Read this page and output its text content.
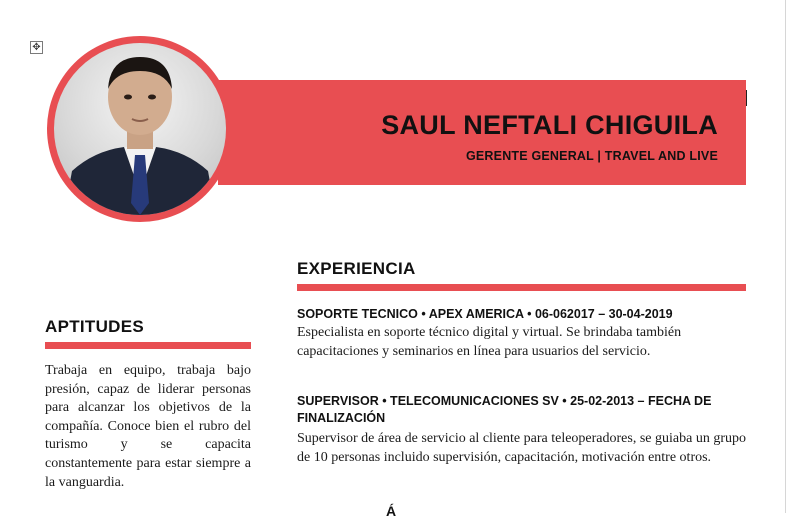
✥
SAUL NEFTALI CHIGUILA
GERENTE GENERAL | TRAVEL AND LIVE
EXPERIENCIA
SOPORTE TECNICO • APEX AMERICA • 06-062017 – 30-04-2019
Especialista en soporte técnico digital y virtual. Se brindaba también capacitaciones y seminarios en línea para usuarios del servicio.
SUPERVISOR • TELECOMUNICACIONES SV • 25-02-2013 – FECHA DE FINALIZACIÓN
Supervisor de área de servicio al cliente para teleoperadores, se guiaba un grupo de 10 personas incluido supervisión, capacitación, motivación entre otros.
APTITUDES
Trabaja en equipo, trabaja bajo presión, capaz de liderar personas para alcanzar los objetivos de la compañía. Conoce bien el rubro del turismo y se capacita constantemente para estar siempre a la vanguardia.
Á
